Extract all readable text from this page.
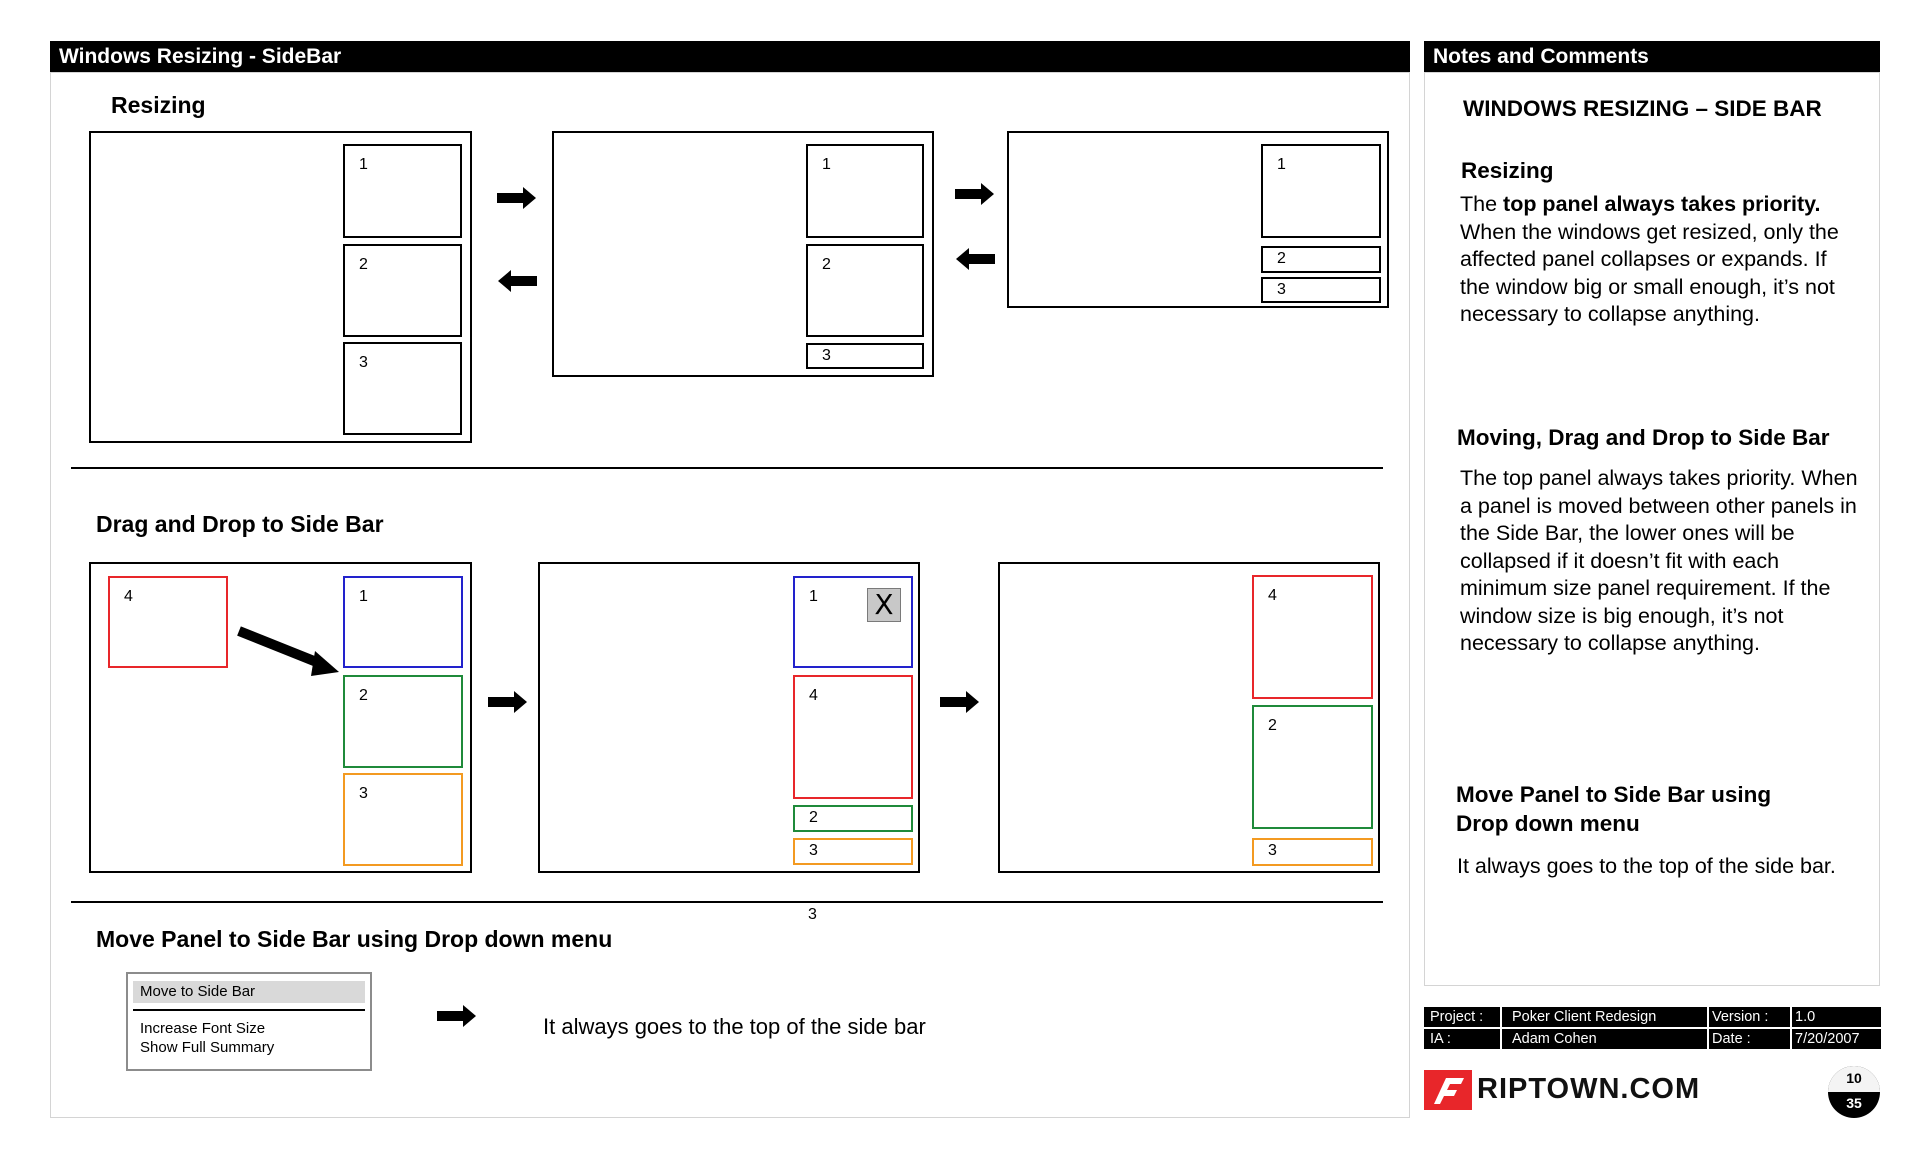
Windows Resizing - SideBar
Resizing
1
2
3
1
2
3
1
2
3
Drag and Drop to Side Bar
4	1
2
3
1 X
4
2
3
4
2
3
3
Move Panel to Side Bar using Drop down menu
Move to Side Bar
Increase Font Size
Show Full Summary
It always goes to the top of the side bar
Notes and Comments
WINDOWS RESIZING – SIDE BAR
Resizing
The top panel always takes priority. When the windows get resized, only the affected panel collapses or expands. If the window big or small enough, it’s not necessary to collapse anything.
Moving, Drag and Drop to Side Bar
The top panel always takes priority. When a panel is moved between other panels in the Side Bar, the lower ones will be collapsed if it doesn’t fit with each minimum size panel requirement. If the window size is big enough, it’s not necessary to collapse anything.
Move Panel to Side Bar using Drop down menu
It always goes to the top of the side bar.
Project : Poker Client Redesign	Version : 1.0
IA :	Adam Cohen	Date :	7/20/2007
RIPTOWN.COM	10
35
